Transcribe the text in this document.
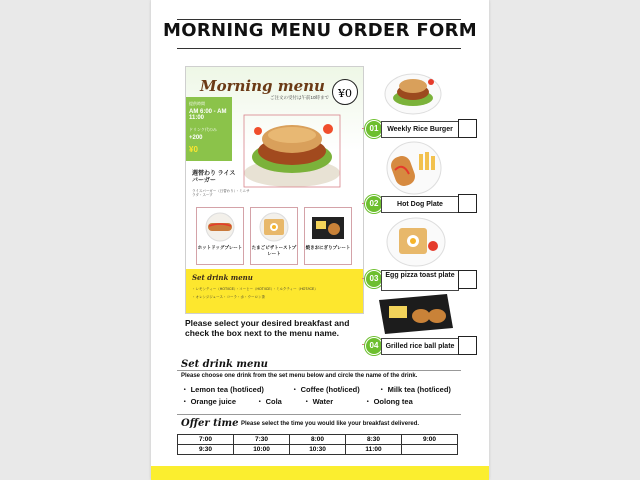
MORNING MENU ORDER FORM
Morning menu
ご注文の受付は午前10時まで ¥0
提供時間
AM 6:00 - AM 11:00
ドリンク代のみ
+200
¥0
週替わり ライスバーガー
ライスバーガー（日替わり）・ミニサラダ・スープ
ホットドッグプレート たまごピザトーストプレート
焼きおにぎりプレート
Set drink menu
・レモンティー（HOT/ICE）・コーヒー（HOT/ICE）・ミルクティー（HOT/ICE）
・オレンジジュース・コーラ・水・ウーロン茶
01	Weekly Rice Burger
02	Hot Dog Plate
03 Egg pizza toast plate
04	Grilled rice ball plate
Please select your desired breakfast and check the box next to the menu name.
Set drink menu
Please choose one drink from the set menu below and circle the name of the drink.
・ Lemon tea (hot/iced)	・ Coffee (hot/iced) ・ Milk tea (hot/iced)
・ Orange juice	・ Cola	・ Water	・ Oolong tea
Offer time Please select the time you would like your breakfast delivered.
7:00	7:30	8:00	8:30	9:00
9:30	10:00	10:30	11:00	
